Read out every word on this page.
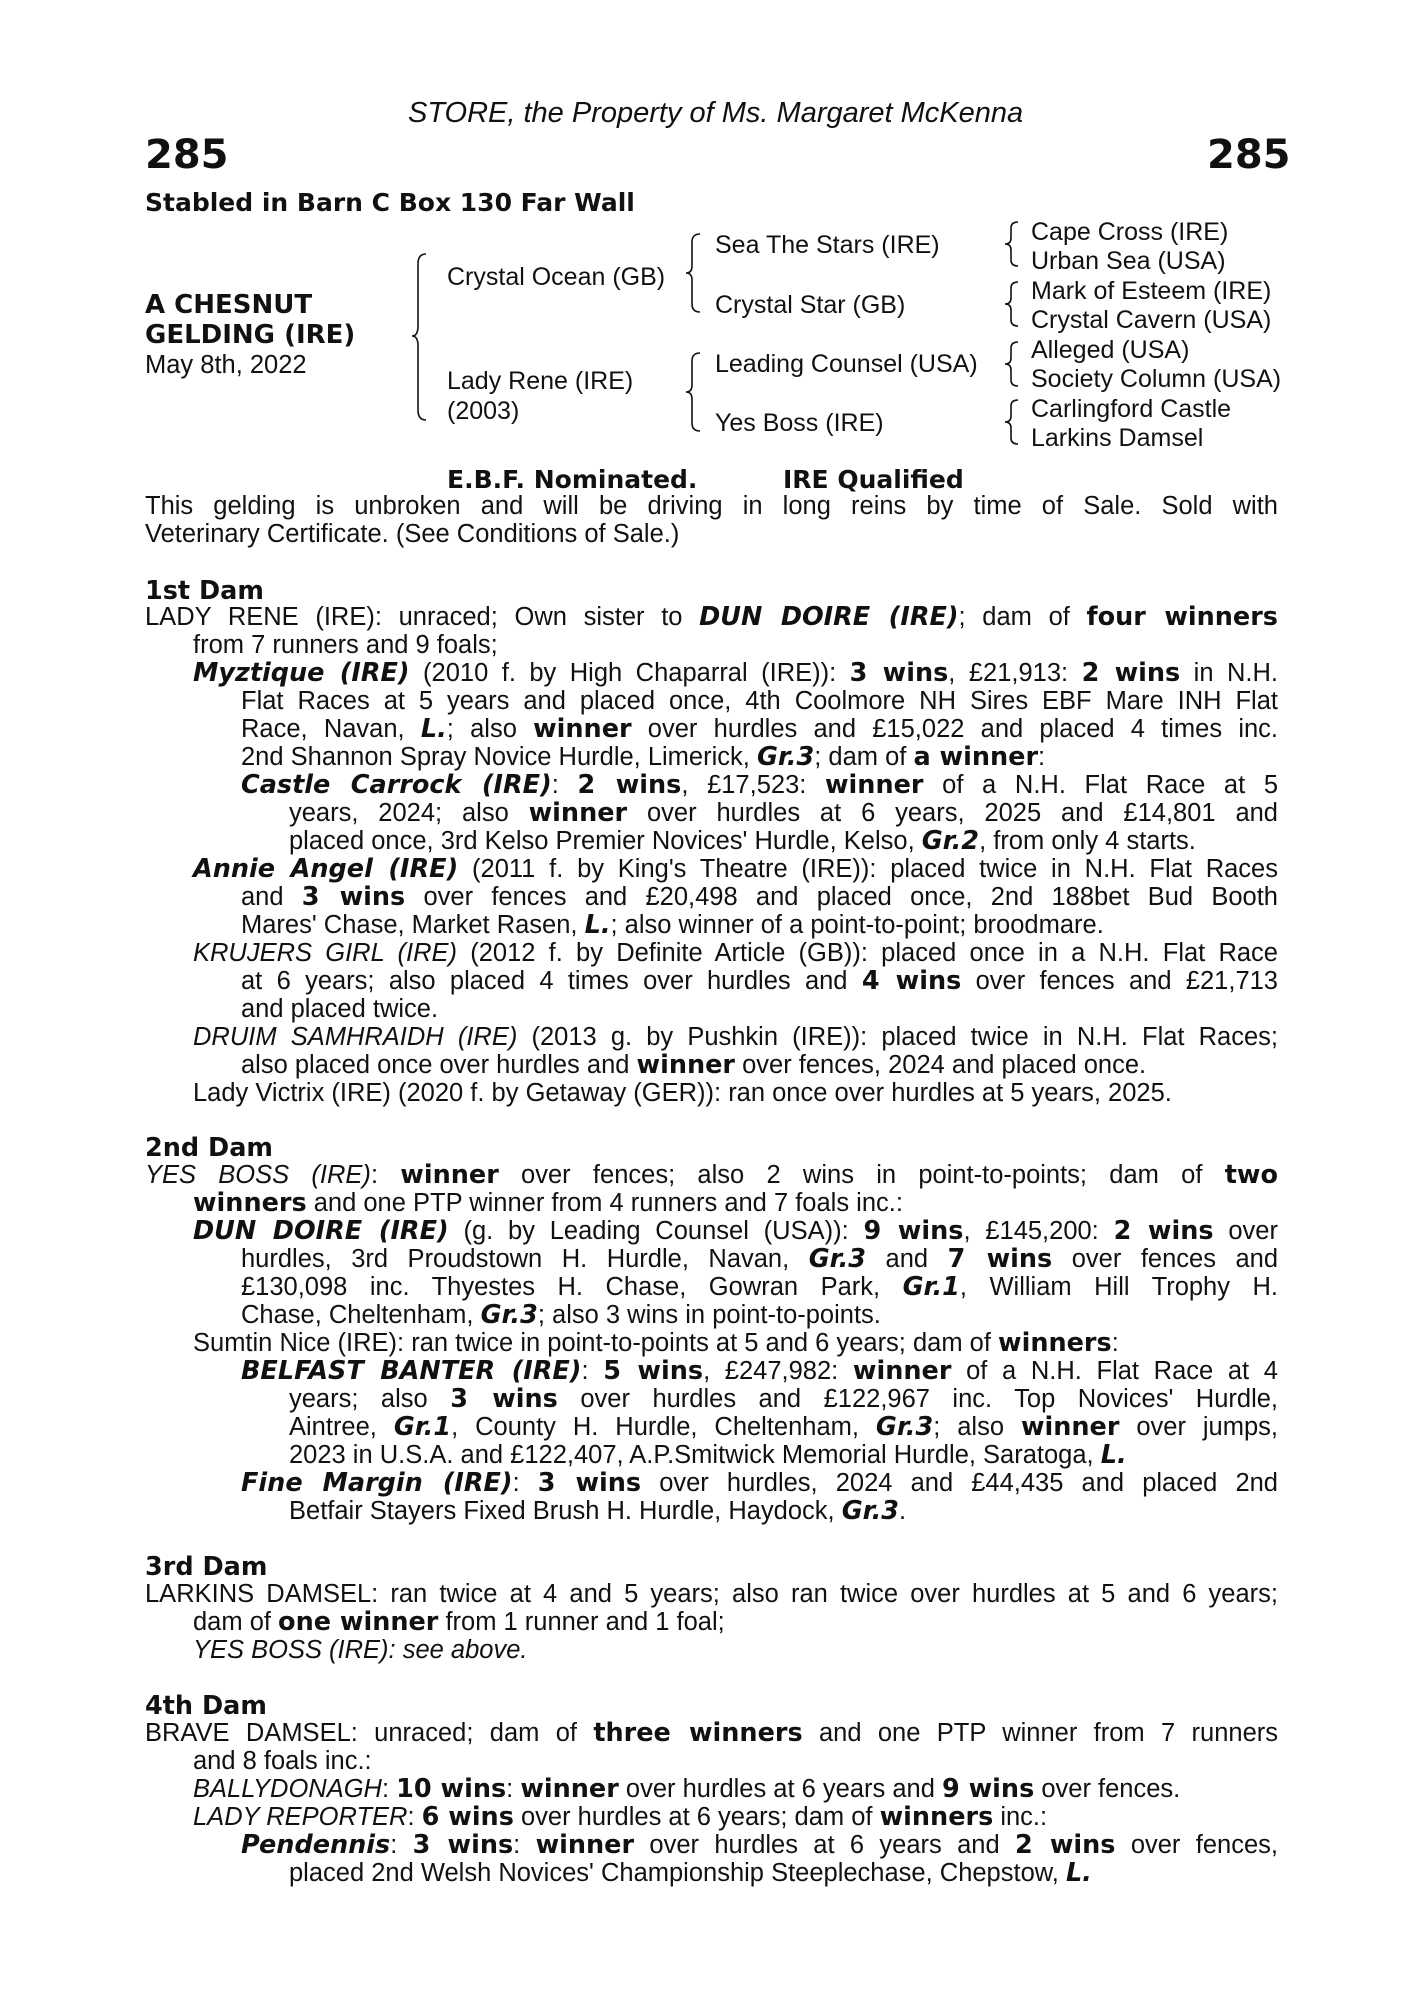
STORE, the Property of Ms. Margaret McKenna
285	285
Stabled in Barn C Box 130 Far Wall
A CHESNUT
GELDING (IRE)
May 8th, 2022
Crystal Ocean (GB)
Lady Rene (IRE)
(2003)
Sea The Stars (IRE)
Crystal Star (GB)
Leading Counsel (USA)
Yes Boss (IRE)
Cape Cross (IRE)
Urban Sea (USA)
Mark of Esteem (IRE)
Crystal Cavern (USA)
Alleged (USA)
Society Column (USA)
Carlingford Castle
Larkins Damsel
E.B.F. Nominated.	IRE Qualified
This gelding is unbroken and will be driving in long reins by time of Sale. Sold with
Veterinary Certificate. (See Conditions of Sale.)
1st Dam
LADY RENE (IRE): unraced; Own sister to DUN DOIRE (IRE); dam of four winners
from 7 runners and 9 foals;
Myztique (IRE) (2010 f. by High Chaparral (IRE)): 3 wins, £21,913: 2 wins in N.H.
Flat Races at 5 years and placed once, 4th Coolmore NH Sires EBF Mare INH Flat
Race, Navan, L.; also winner over hurdles and £15,022 and placed 4 times inc.
2nd Shannon Spray Novice Hurdle, Limerick, Gr.3; dam of a winner:
Castle Carrock (IRE): 2 wins, £17,523: winner of a N.H. Flat Race at 5
years, 2024; also winner over hurdles at 6 years, 2025 and £14,801 and
placed once, 3rd Kelso Premier Novices' Hurdle, Kelso, Gr.2, from only 4 starts.
Annie Angel (IRE) (2011 f. by King's Theatre (IRE)): placed twice in N.H. Flat Races
and 3 wins over fences and £20,498 and placed once, 2nd 188bet Bud Booth
Mares' Chase, Market Rasen, L.; also winner of a point-to-point; broodmare.
KRUJERS GIRL (IRE) (2012 f. by Definite Article (GB)): placed once in a N.H. Flat Race
at 6 years; also placed 4 times over hurdles and 4 wins over fences and £21,713
and placed twice.
DRUIM SAMHRAIDH (IRE) (2013 g. by Pushkin (IRE)): placed twice in N.H. Flat Races;
also placed once over hurdles and winner over fences, 2024 and placed once.
Lady Victrix (IRE) (2020 f. by Getaway (GER)): ran once over hurdles at 5 years, 2025.
2nd Dam
YES BOSS (IRE): winner over fences; also 2 wins in point-to-points; dam of two
winners and one PTP winner from 4 runners and 7 foals inc.:
DUN DOIRE (IRE) (g. by Leading Counsel (USA)): 9 wins, £145,200: 2 wins over
hurdles, 3rd Proudstown H. Hurdle, Navan, Gr.3 and 7 wins over fences and
£130,098 inc. Thyestes H. Chase, Gowran Park, Gr.1, William Hill Trophy H.
Chase, Cheltenham, Gr.3; also 3 wins in point-to-points.
Sumtin Nice (IRE): ran twice in point-to-points at 5 and 6 years; dam of winners:
BELFAST BANTER (IRE): 5 wins, £247,982: winner of a N.H. Flat Race at 4
years; also 3 wins over hurdles and £122,967 inc. Top Novices' Hurdle,
Aintree, Gr.1, County H. Hurdle, Cheltenham, Gr.3; also winner over jumps,
2023 in U.S.A. and £122,407, A.P.Smitwick Memorial Hurdle, Saratoga, L.
Fine Margin (IRE): 3 wins over hurdles, 2024 and £44,435 and placed 2nd
Betfair Stayers Fixed Brush H. Hurdle, Haydock, Gr.3.
3rd Dam
LARKINS DAMSEL: ran twice at 4 and 5 years; also ran twice over hurdles at 5 and 6 years;
dam of one winner from 1 runner and 1 foal;
YES BOSS (IRE): see above.
4th Dam
BRAVE DAMSEL: unraced; dam of three winners and one PTP winner from 7 runners
and 8 foals inc.:
BALLYDONAGH: 10 wins: winner over hurdles at 6 years and 9 wins over fences.
LADY REPORTER: 6 wins over hurdles at 6 years; dam of winners inc.:
Pendennis: 3 wins: winner over hurdles at 6 years and 2 wins over fences,
placed 2nd Welsh Novices' Championship Steeplechase, Chepstow, L.
